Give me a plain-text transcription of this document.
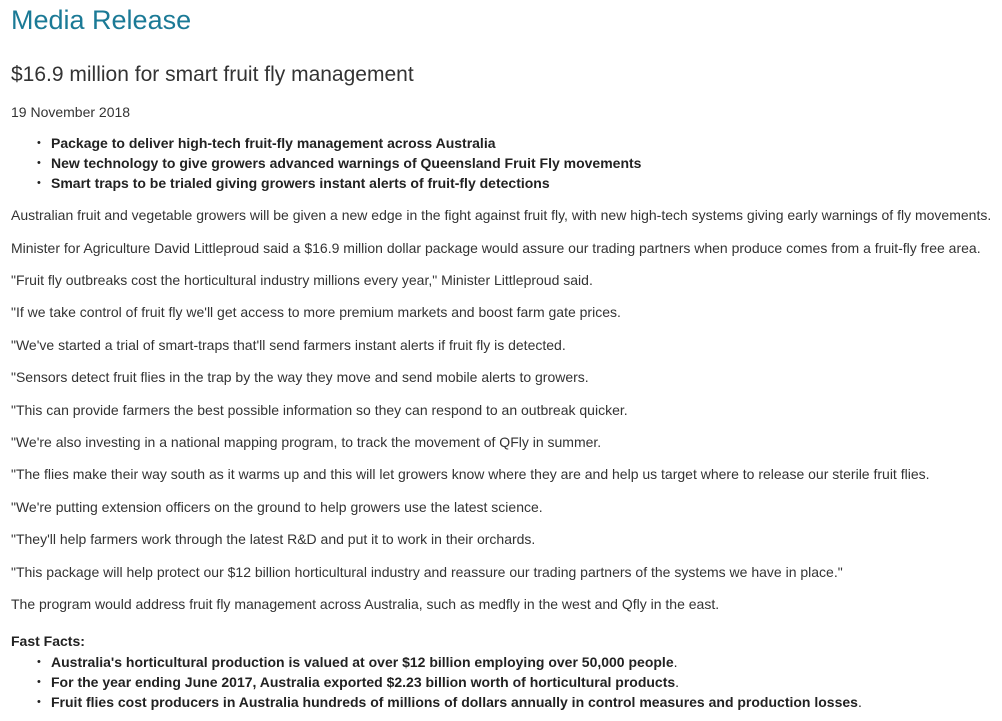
Media Release
$16.9 million for smart fruit fly management
19 November 2018
• Package to deliver high-tech fruit-fly management across Australia
• New technology to give growers advanced warnings of Queensland Fruit Fly movements
• Smart traps to be trialed giving growers instant alerts of fruit-fly detections

Australian fruit and vegetable growers will be given a new edge in the fight against fruit fly, with new high-tech systems giving early warnings of fly movements.

Minister for Agriculture David Littleproud said a $16.9 million dollar package would assure our trading partners when produce comes from a fruit-fly free area.

"Fruit fly outbreaks cost the horticultural industry millions every year," Minister Littleproud said.

"If we take control of fruit fly we'll get access to more premium markets and boost farm gate prices.

"We've started a trial of smart-traps that'll send farmers instant alerts if fruit fly is detected.

"Sensors detect fruit flies in the trap by the way they move and send mobile alerts to growers.

"This can provide farmers the best possible information so they can respond to an outbreak quicker.

"We're also investing in a national mapping program, to track the movement of QFly in summer.

"The flies make their way south as it warms up and this will let growers know where they are and help us target where to release our sterile fruit flies.

"We're putting extension officers on the ground to help growers use the latest science.

"They'll help farmers work through the latest R&D and put it to work in their orchards.

"This package will help protect our $12 billion horticultural industry and reassure our trading partners of the systems we have in place."

The program would address fruit fly management across Australia, such as medfly in the west and Qfly in the east.

Fast Facts:

• Australia's horticultural production is valued at over $12 billion employing over 50,000 people.
• For the year ending June 2017, Australia exported $2.23 billion worth of horticultural products.
• Fruit flies cost producers in Australia hundreds of millions of dollars annually in control measures and production losses.
